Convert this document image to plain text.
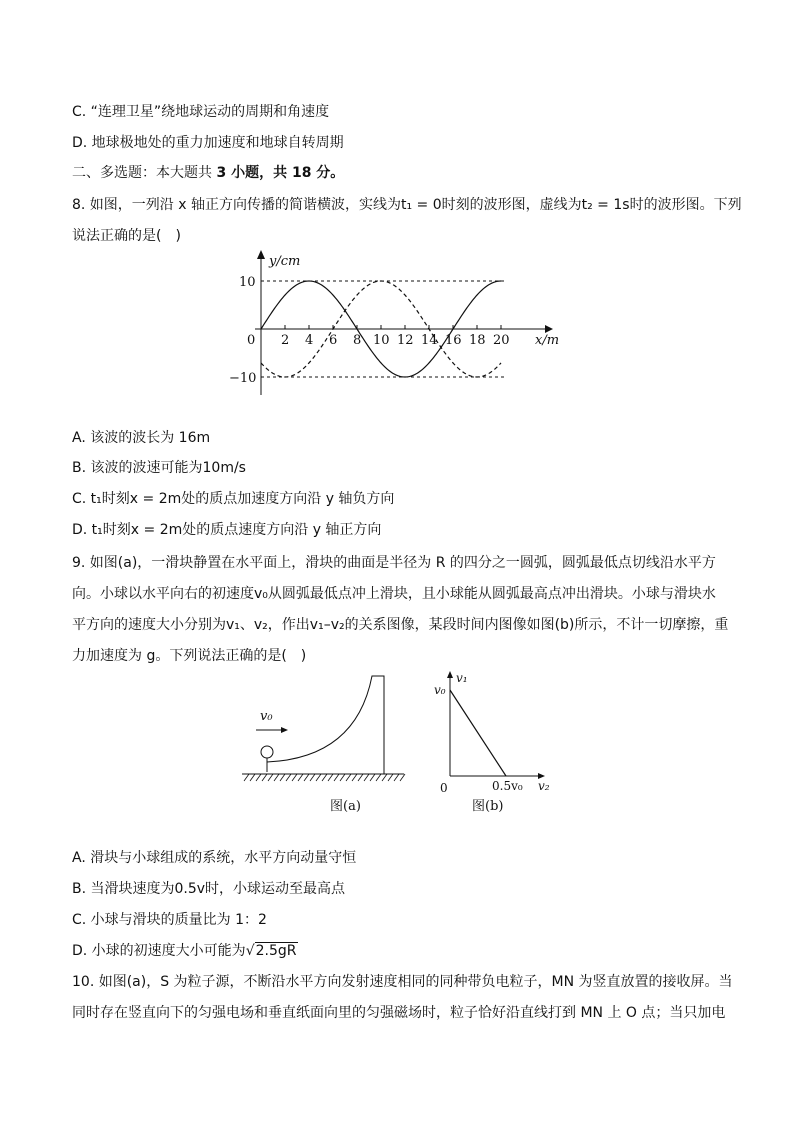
C. “连理卫星”绕地球运动的周期和角速度
D. 地球极地处的重力加速度和地球自转周期
二、多选题：本大题共 3 小题，共 18 分。
8. 如图，一列沿 x 轴正方向传播的简谐横波，实线为t₁ = 0时刻的波形图，虚线为t₂ = 1s时的波形图。下列
说法正确的是(　)
y/cm
x/m
0
10
−10
2 4 6 8 10 12 14 16 18 20
A. 该波的波长为 16m
B. 该波的波速可能为10m/s
C. t₁时刻x = 2m处的质点加速度方向沿 y 轴负方向
D. t₁时刻x = 2m处的质点速度方向沿 y 轴正方向
9. 如图(a)，一滑块静置在水平面上，滑块的曲面是半径为 R 的四分之一圆弧，圆弧最低点切线沿水平方
向。小球以水平向右的初速度v₀从圆弧最低点冲上滑块，且小球能从圆弧最高点冲出滑块。小球与滑块水
平方向的速度大小分别为v₁、v₂，作出v₁–v₂的关系图像，某段时间内图像如图(b)所示，不计一切摩擦，重
力加速度为 g。下列说法正确的是(　)
v₀
图(a)
v₁
v₀
0	0.5v₀ v₂
图(b)
A. 滑块与小球组成的系统，水平方向动量守恒
B. 当滑块速度为0.5v时，小球运动至最高点
C. 小球与滑块的质量比为 1：2
D. 小球的初速度大小可能为√2.5gR
10. 如图(a)，S 为粒子源，不断沿水平方向发射速度相同的同种带负电粒子，MN 为竖直放置的接收屏。当
同时存在竖直向下的匀强电场和垂直纸面向里的匀强磁场时，粒子恰好沿直线打到 MN 上 O 点；当只加电
